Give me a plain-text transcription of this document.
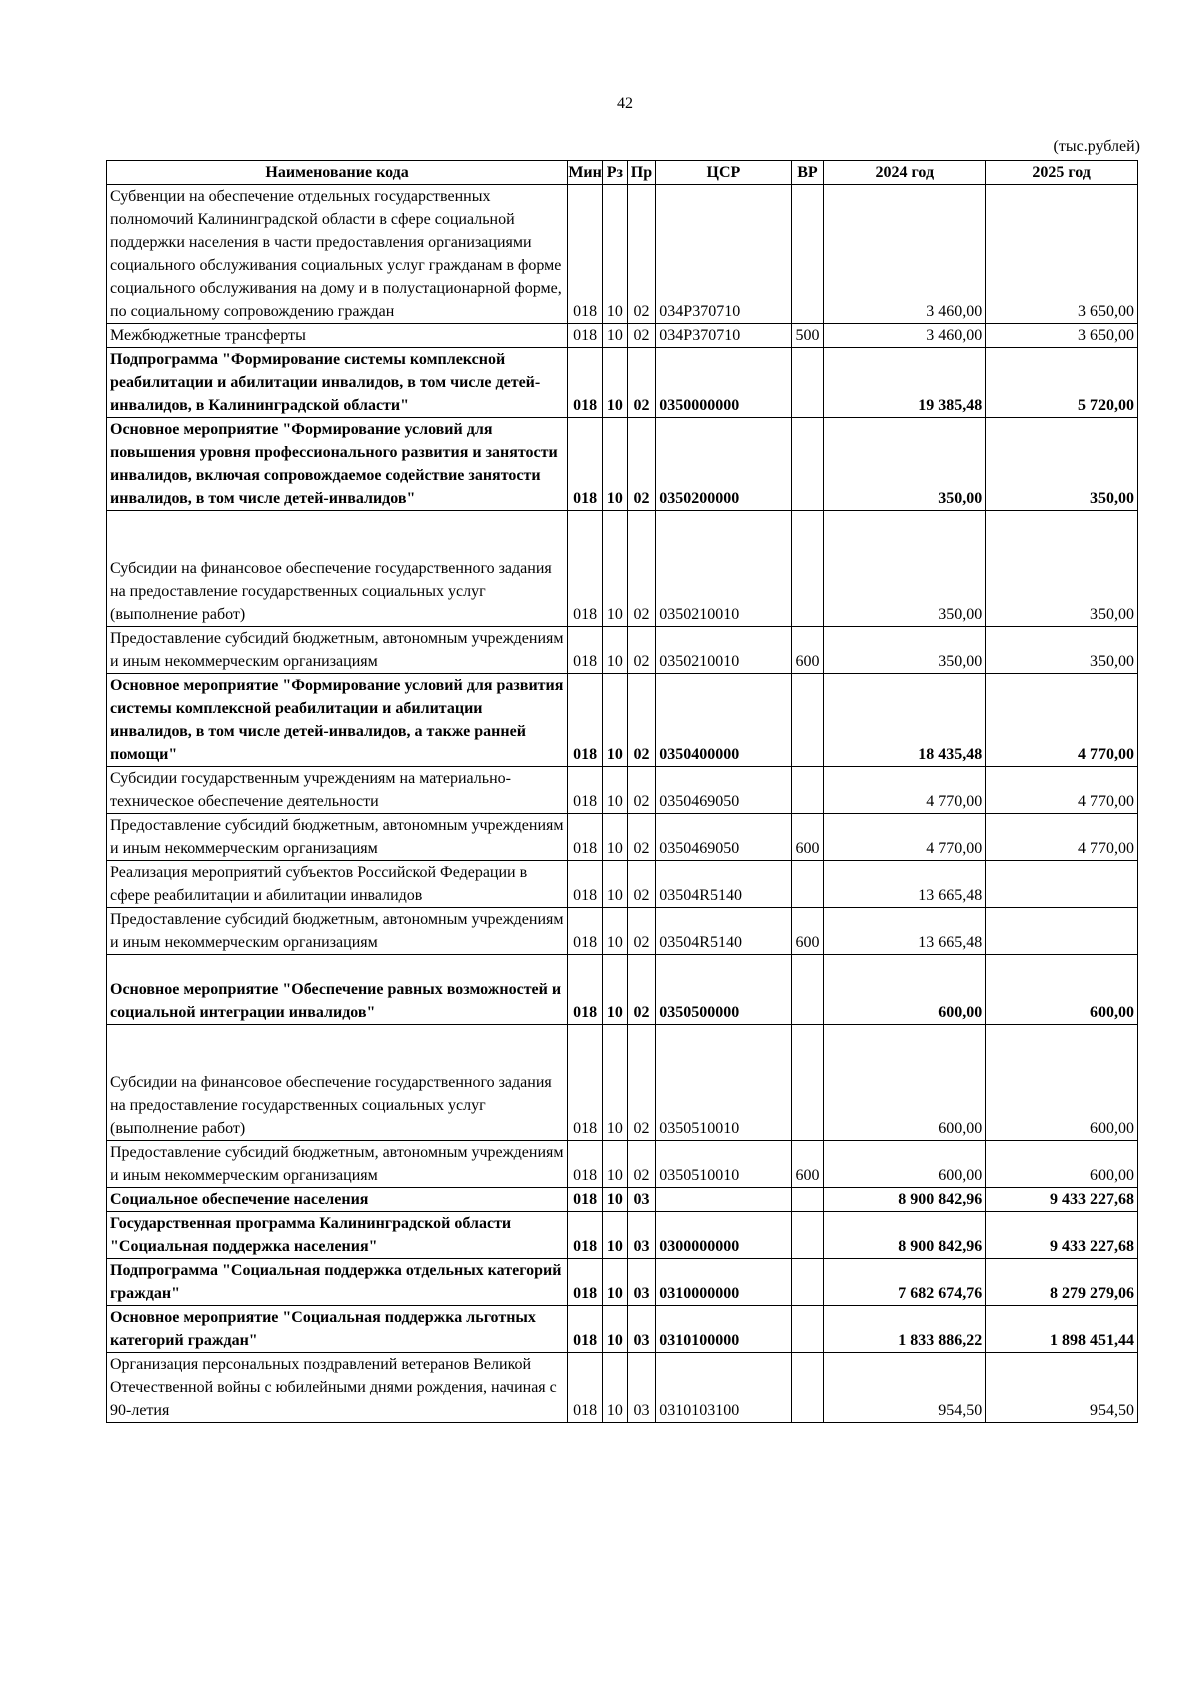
42
(тыс.рублей)
Наименование кода	Мин	Рз	Пр	ЦСР	ВР	2024 год	2025 год
Субвенции на обеспечение отдельных государственных полномочий Калининградской области в сфере социальной поддержки населения в части предоставления организациями социального обслуживания социальных услуг гражданам в форме социального обслуживания на дому и в полустационарной форме, по социальному сопровождению граждан	018	10	02	034P370710		3 460,00	3 650,00
Межбюджетные трансферты	018	10	02	034P370710	500	3 460,00	3 650,00
Подпрограмма "Формирование системы комплексной реабилитации и абилитации инвалидов, в том числе детей-инвалидов, в Калининградской области"	018	10	02	0350000000		19 385,48	5 720,00
Основное мероприятие "Формирование условий для повышения уровня профессионального развития и занятости инвалидов, включая сопровождаемое содействие занятости инвалидов, в том числе детей-инвалидов"	018	10	02	0350200000		350,00	350,00

Субсидии на финансовое обеспечение государственного задания на предоставление государственных социальных услуг (выполнение работ)	018	10	02	0350210010		350,00	350,00
Предоставление субсидий бюджетным, автономным учреждениям и иным некоммерческим организациям	018	10	02	0350210010	600	350,00	350,00
Основное мероприятие "Формирование условий для развития системы комплексной реабилитации и абилитации инвалидов, в том числе детей-инвалидов, а также ранней помощи"	018	10	02	0350400000		18 435,48	4 770,00
Субсидии государственным учреждениям на материально-техническое обеспечение деятельности	018	10	02	0350469050		4 770,00	4 770,00
Предоставление субсидий бюджетным, автономным учреждениям и иным некоммерческим организациям	018	10	02	0350469050	600	4 770,00	4 770,00
Реализация мероприятий субъектов Российской Федерации в сфере реабилитации и абилитации инвалидов	018	10	02	03504R5140		13 665,48	
Предоставление субсидий бюджетным, автономным учреждениям и иным некоммерческим организациям	018	10	02	03504R5140	600	13 665,48	

Основное мероприятие "Обеспечение равных возможностей и социальной интеграции инвалидов"	018	10	02	0350500000		600,00	600,00

Субсидии на финансовое обеспечение государственного задания на предоставление государственных социальных услуг (выполнение работ)	018	10	02	0350510010		600,00	600,00
Предоставление субсидий бюджетным, автономным учреждениям и иным некоммерческим организациям	018	10	02	0350510010	600	600,00	600,00
Социальное обеспечение населения	018	10	03			8 900 842,96	9 433 227,68
Государственная программа Калининградской области "Социальная поддержка населения"	018	10	03	0300000000		8 900 842,96	9 433 227,68
Подпрограмма "Социальная поддержка отдельных категорий граждан"	018	10	03	0310000000		7 682 674,76	8 279 279,06
Основное мероприятие "Социальная поддержка льготных категорий граждан"	018	10	03	0310100000		1 833 886,22	1 898 451,44
Организация персональных поздравлений ветеранов Великой Отечественной войны с юбилейными днями рождения, начиная с 90-летия	018	10	03	0310103100		954,50	954,50
